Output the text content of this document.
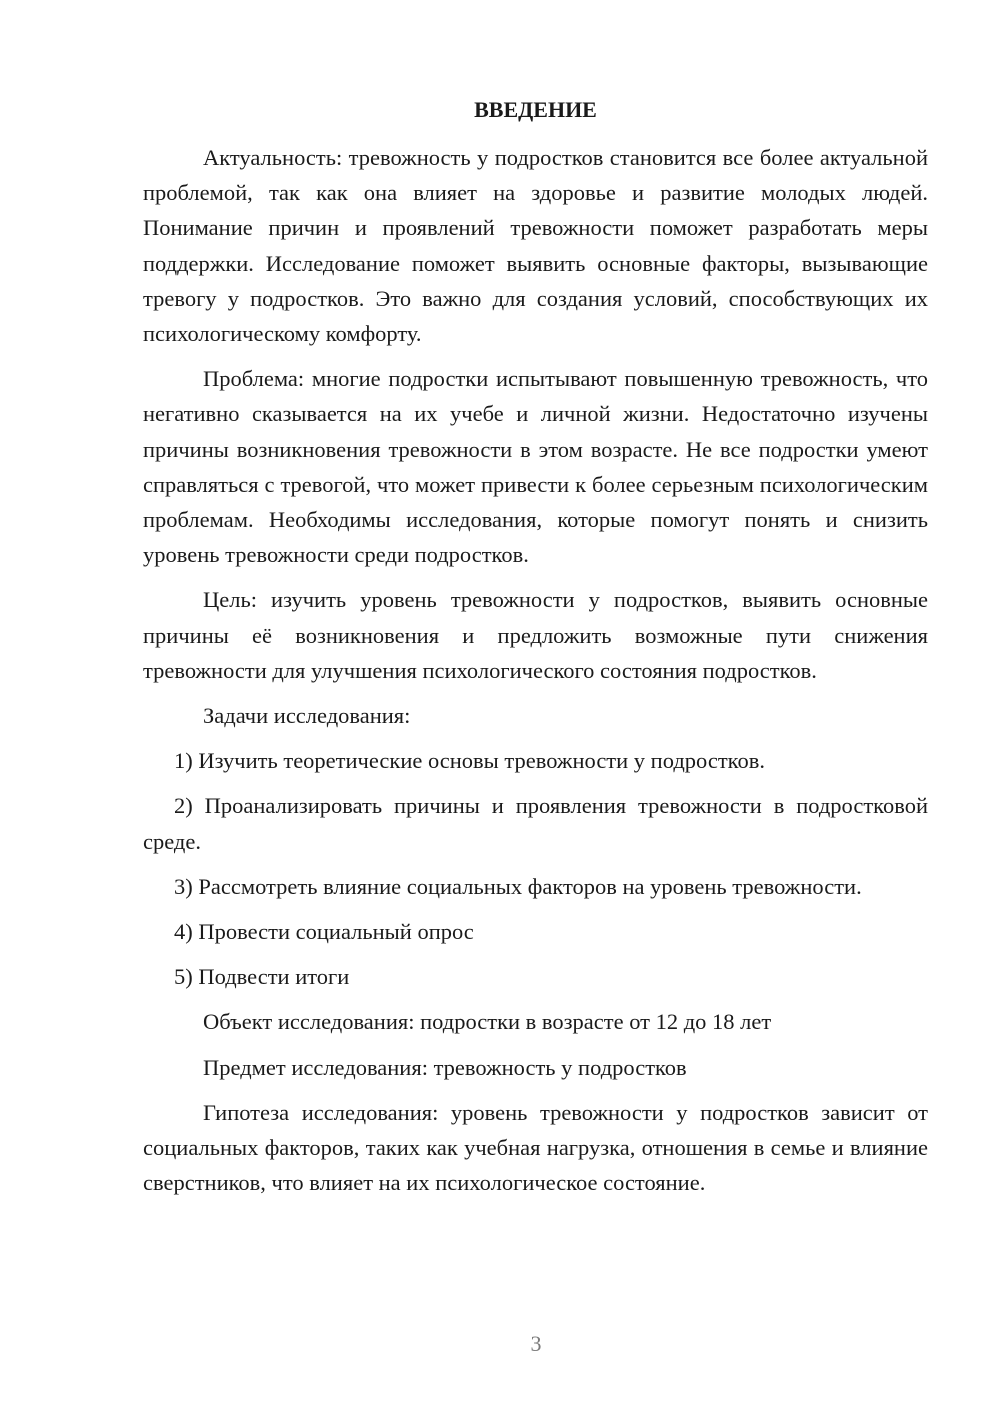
ВВЕДЕНИЕ

Актуальность: тревожность у подростков становится все более актуальной проблемой, так как она влияет на здоровье и развитие молодых людей. Понимание причин и проявлений тревожности поможет разработать меры поддержки. Исследование поможет выявить основные факторы, вызывающие тревогу у подростков. Это важно для создания условий, способствующих их психологическому комфорту.

Проблема: многие подростки испытывают повышенную тревожность, что негативно сказывается на их учебе и личной жизни. Недостаточно изучены причины возникновения тревожности в этом возрасте. Не все подростки умеют справляться с тревогой, что может привести к более серьезным психологическим проблемам. Необходимы исследования, которые помогут понять и снизить уровень тревожности среди подростков.

Цель: изучить уровень тревожности у подростков, выявить основные причины её возникновения и предложить возможные пути снижения тревожности для улучшения психологического состояния подростков.

Задачи исследования:

1) Изучить теоретические основы тревожности у подростков.

2) Проанализировать причины и проявления тревожности в подростковой среде.

3) Рассмотреть влияние социальных факторов на уровень тревожности.

4) Провести социальный опрос

5) Подвести итоги

Объект исследования: подростки в возрасте от 12 до 18 лет

Предмет исследования: тревожность у подростков

Гипотеза исследования: уровень тревожности у подростков зависит от социальных факторов, таких как учебная нагрузка, отношения в семье и влияние сверстников, что влияет на их психологическое состояние.

3
